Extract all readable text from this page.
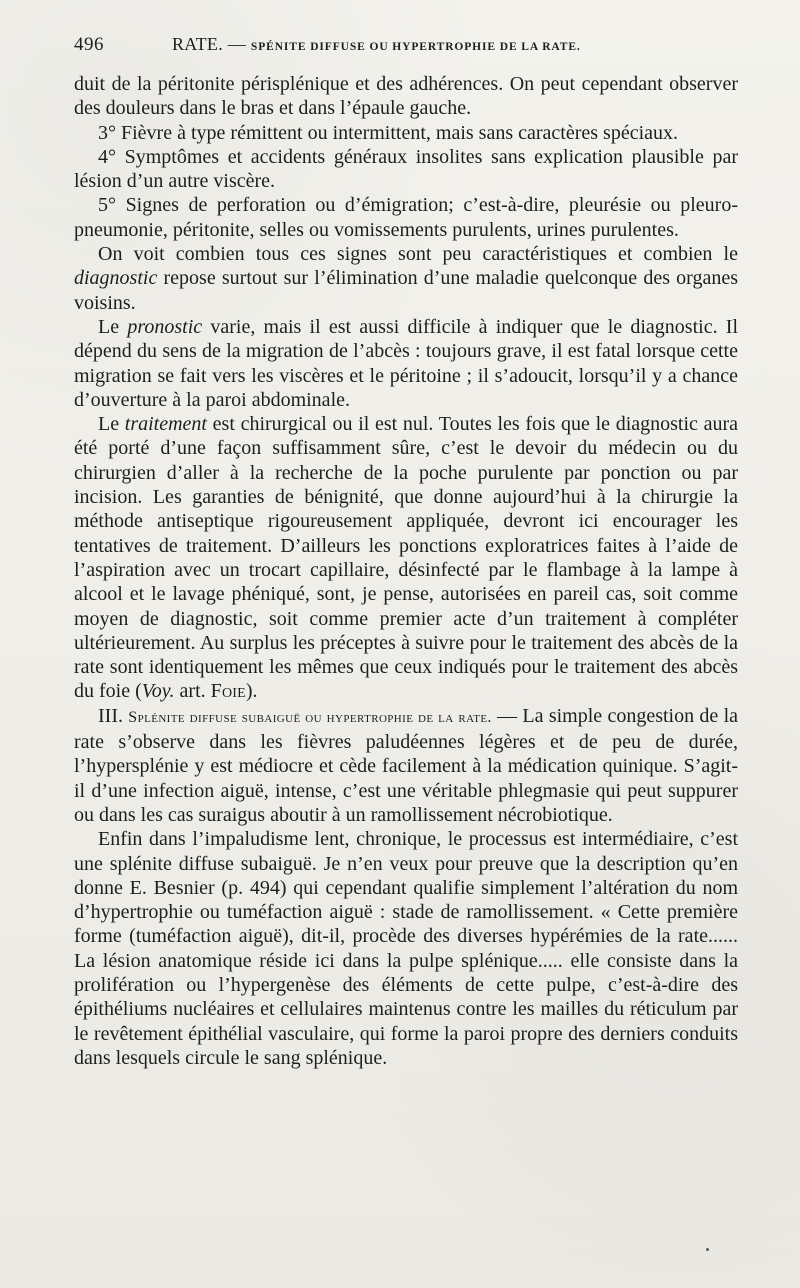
496	RATE. — SPÉNITE DIFFUSE OU HYPERTROPHIE DE LA RATE.

duit de la péritonite périsplénique et des adhérences. On peut cependant observer des douleurs dans le bras et dans l’épaule gauche.

3° Fièvre à type rémittent ou intermittent, mais sans caractères spéciaux.

4° Symptômes et accidents généraux insolites sans explication plausible par lésion d’un autre viscère.

5° Signes de perforation ou d’émigration; c’est-à-dire, pleurésie ou pleuro-pneumonie, péritonite, selles ou vomissements purulents, urines purulentes.

On voit combien tous ces signes sont peu caractéristiques et combien le diagnostic repose surtout sur l’élimination d’une maladie quelconque des organes voisins.

Le pronostic varie, mais il est aussi difficile à indiquer que le diagnostic. Il dépend du sens de la migration de l’abcès : toujours grave, il est fatal lorsque cette migration se fait vers les viscères et le péritoine ; il s’adoucit, lorsqu’il y a chance d’ouverture à la paroi abdominale.

Le traitement est chirurgical ou il est nul. Toutes les fois que le diagnostic aura été porté d’une façon suffisamment sûre, c’est le devoir du médecin ou du chirurgien d’aller à la recherche de la poche purulente par ponction ou par incision. Les garanties de bénignité, que donne aujourd’hui à la chirurgie la méthode antiseptique rigoureusement appliquée, devront ici encourager les tentatives de traitement. D’ailleurs les ponctions exploratrices faites à l’aide de l’aspiration avec un trocart capillaire, désinfecté par le flambage à la lampe à alcool et le lavage phéniqué, sont, je pense, autorisées en pareil cas, soit comme moyen de diagnostic, soit comme premier acte d’un traitement à compléter ultérieurement. Au surplus les préceptes à suivre pour le traitement des abcès de la rate sont identiquement les mêmes que ceux indiqués pour le traitement des abcès du foie (Voy. art. Foie).

III. Splénite diffuse subaiguë ou hypertrophie de la rate. — La simple congestion de la rate s’observe dans les fièvres paludéennes légères et de peu de durée, l’hypersplénie y est médiocre et cède facilement à la médication quinique. S’agit-il d’une infection aiguë, intense, c’est une véritable phlegmasie qui peut suppurer ou dans les cas suraigus aboutir à un ramollissement nécrobiotique.

Enfin dans l’impaludisme lent, chronique, le processus est intermédiaire, c’est une splénite diffuse subaiguë. Je n’en veux pour preuve que la description qu’en donne E. Besnier (p. 494) qui cependant qualifie simplement l’altération du nom d’hypertrophie ou tuméfaction aiguë : stade de ramollissement. « Cette première forme (tuméfaction aiguë), dit-il, procède des diverses hypérémies de la rate...... La lésion anatomique réside ici dans la pulpe splénique..... elle consiste dans la prolifération ou l’hypergenèse des éléments de cette pulpe, c’est-à-dire des épithéliums nucléaires et cellulaires maintenus contre les mailles du réticulum par le revêtement épithélial vasculaire, qui forme la paroi propre des derniers conduits dans lesquels circule le sang splénique.
